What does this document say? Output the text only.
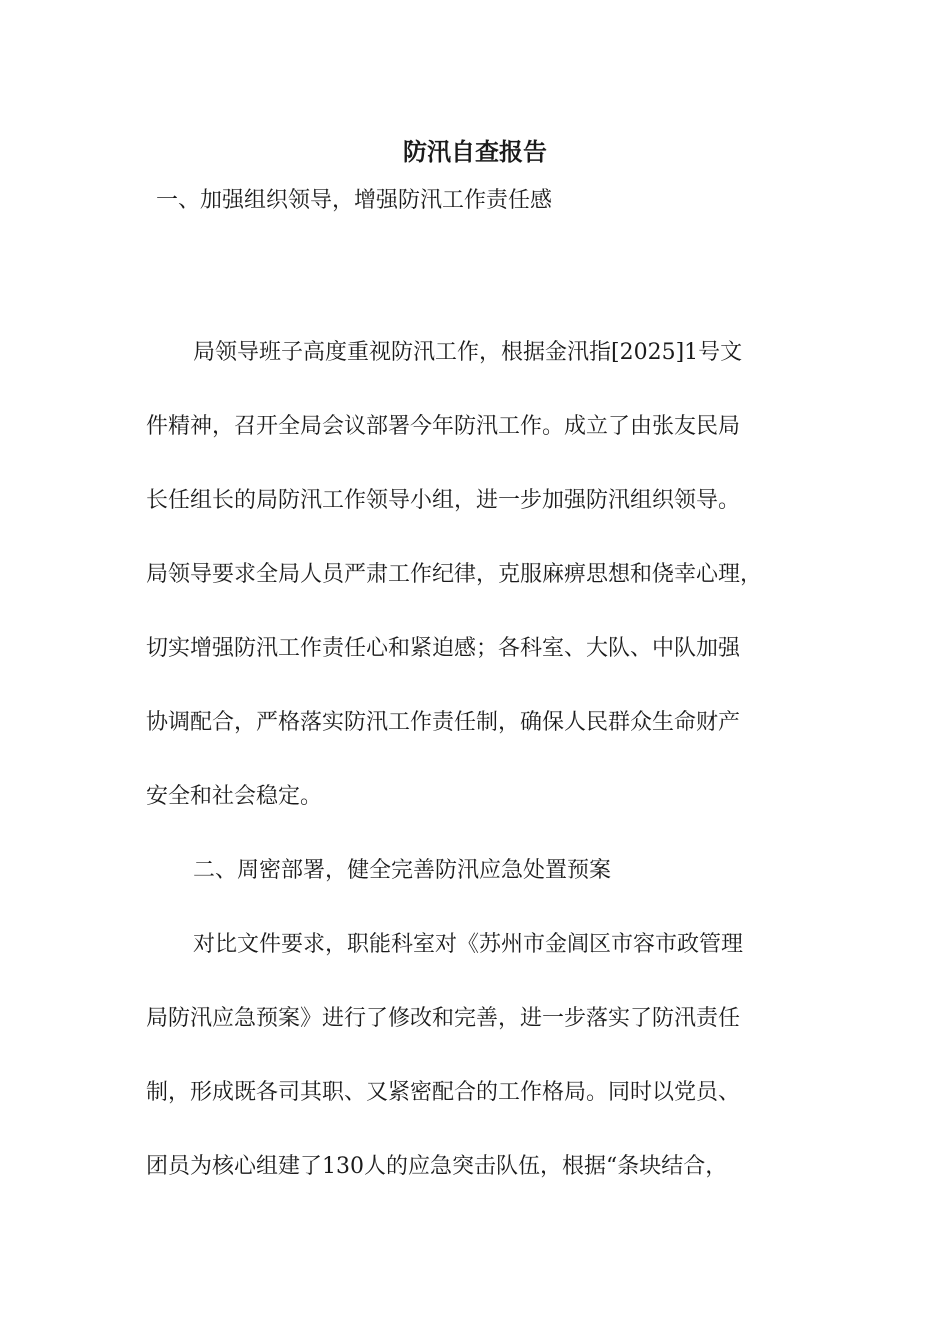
防汛自查报告

一、加强组织领导，增强防汛工作责任感

局领导班子高度重视防汛工作，根据金汛指[2025]1号文

件精神，召开全局会议部署今年防汛工作。成立了由张友民局

长任组长的局防汛工作领导小组，进一步加强防汛组织领导。

局领导要求全局人员严肃工作纪律，克服麻痹思想和侥幸心理，

切实增强防汛工作责任心和紧迫感；各科室、大队、中队加强

协调配合，严格落实防汛工作责任制，确保人民群众生命财产

安全和社会稳定。

二、周密部署，健全完善防汛应急处置预案

对比文件要求，职能科室对《苏州市金阊区市容市政管理

局防汛应急预案》进行了修改和完善，进一步落实了防汛责任

制，形成既各司其职、又紧密配合的工作格局。同时以党员、

团员为核心组建了130人的应急突击队伍，根据“条块结合，
